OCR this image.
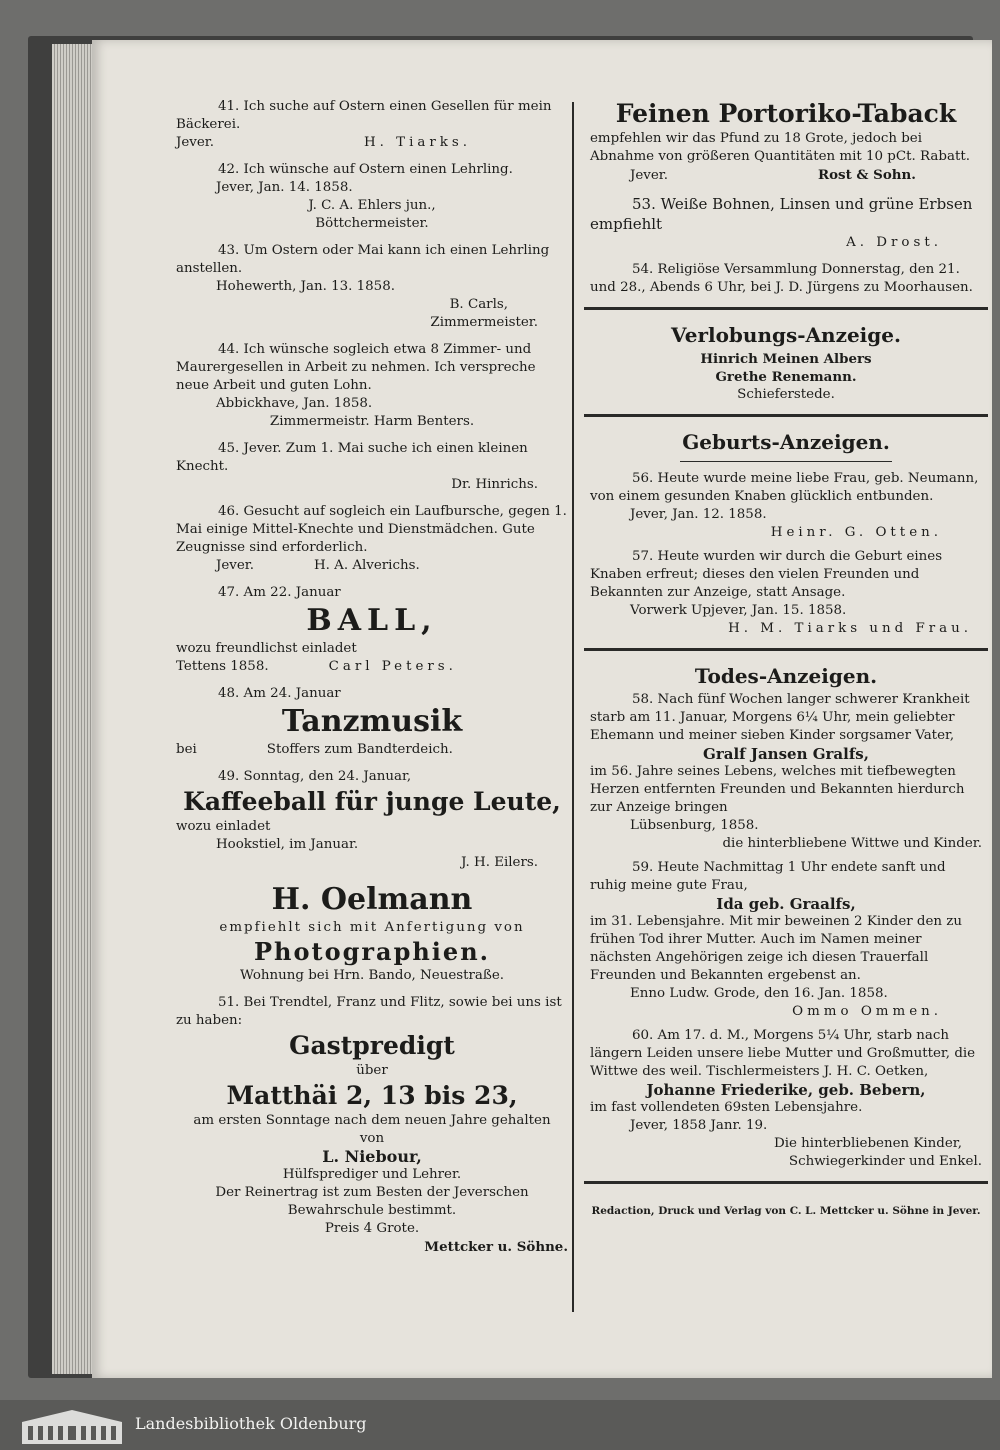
41. Ich suche auf Ostern einen Gesellen für mein Bäckerei.

Jever.	H. Tiarks.

42. Ich wünsche auf Ostern einen Lehrling.

Jever, Jan. 14. 1858.

J. C. A. Ehlers jun.,

Böttchermeister.

43. Um Ostern oder Mai kann ich einen Lehrling anstellen.

Hohewerth, Jan. 13. 1858.

B. Carls,

Zimmermeister.

44. Ich wünsche sogleich etwa 8 Zimmer- und Maurergesellen in Arbeit zu nehmen. Ich verspreche neue Arbeit und guten Lohn.

Abbickhave, Jan. 1858.

Zimmermeistr. Harm Benters.

45. Jever. Zum 1. Mai suche ich einen kleinen Knecht.

Dr. Hinrichs.

46. Gesucht auf sogleich ein Laufbursche, gegen 1. Mai einige Mittel-Knechte und Dienstmädchen. Gute Zeugnisse sind erforderlich.

Jever.	H. A. Alverichs.

47. Am 22. Januar

BALL,

wozu freundlichst einladet

Tettens 1858.	Carl Peters.

48. Am 24. Januar

Tanzmusik

bei	Stoffers zum Bandterdeich.

49. Sonntag, den 24. Januar,

Kaffeeball für junge Leute,

wozu einladet

Hookstiel, im Januar.

J. H. Eilers.

H. Oelmann

empfiehlt sich mit Anfertigung von

Photographien.

Wohnung bei Hrn. Bando, Neuestraße.

51. Bei Trendtel, Franz und Flitz, sowie bei uns ist zu haben:

Gastpredigt

über

Matthäi 2, 13 bis 23,

am ersten Sonntage nach dem neuen Jahre gehalten

von

L. Niebour,

Hülfsprediger und Lehrer.

Der Reinertrag ist zum Besten der Jeverschen Bewahrschule bestimmt.

Preis 4 Grote.

Mettcker u. Söhne.

Feinen Portoriko-Taback

empfehlen wir das Pfund zu 18 Grote, jedoch bei Abnahme von größeren Quantitäten mit 10 pCt. Rabatt.

Jever.	Rost & Sohn.

53. Weiße Bohnen, Linsen und grüne Erbsen empfiehlt

A. Drost.

54. Religiöse Versammlung Donnerstag, den 21. und 28., Abends 6 Uhr, bei J. D. Jürgens zu Moorhausen.

Verlobungs-Anzeige.

Hinrich Meinen Albers

Grethe Renemann.

Schieferstede.

Geburts-Anzeigen.

56. Heute wurde meine liebe Frau, geb. Neumann, von einem gesunden Knaben glücklich entbunden.

Jever, Jan. 12. 1858.

Heinr. G. Otten.

57. Heute wurden wir durch die Geburt eines Knaben erfreut; dieses den vielen Freunden und Bekannten zur Anzeige, statt Ansage.

Vorwerk Upjever, Jan. 15. 1858.

H. M. Tiarks und Frau.

Todes-Anzeigen.

58. Nach fünf Wochen langer schwerer Krankheit starb am 11. Januar, Morgens 6¼ Uhr, mein geliebter Ehemann und meiner sieben Kinder sorgsamer Vater,

Gralf Jansen Gralfs,

im 56. Jahre seines Lebens, welches mit tiefbewegten Herzen entfernten Freunden und Bekannten hierdurch zur Anzeige bringen

Lübsenburg, 1858.

die hinterbliebene Wittwe und Kinder.

59. Heute Nachmittag 1 Uhr endete sanft und ruhig meine gute Frau,

Ida geb. Graalfs,

im 31. Lebensjahre. Mit mir beweinen 2 Kinder den zu frühen Tod ihrer Mutter. Auch im Namen meiner nächsten Angehörigen zeige ich diesen Trauerfall Freunden und Bekannten ergebenst an.

Enno Ludw. Grode, den 16. Jan. 1858.

Ommo Ommen.

60. Am 17. d. M., Morgens 5¼ Uhr, starb nach längern Leiden unsere liebe Mutter und Großmutter, die Wittwe des weil. Tischlermeisters J. H. C. Oetken,

Johanne Friederike, geb. Bebern,

im fast vollendeten 69sten Lebensjahre.

Jever, 1858 Janr. 19.

Die hinterbliebenen Kinder,

Schwiegerkinder und Enkel.

Redaction, Druck und Verlag von C. L. Mettcker u. Söhne in Jever.

Landesbibliothek Oldenburg
